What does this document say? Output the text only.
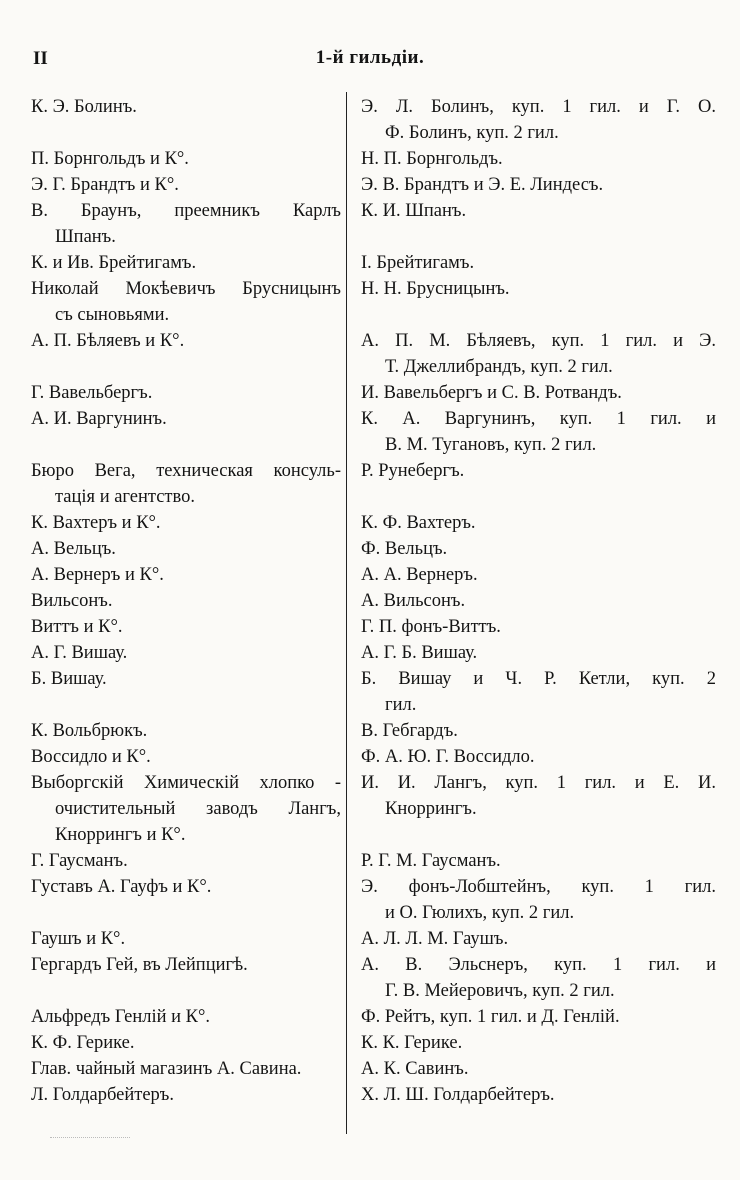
II	1-й гильдіи.
К. Э. Болинъ.
П. Борнгольдъ и К°.
Э. Г. Брандтъ и К°.
В. Браунъ, преемникъ Карлъ
Шпанъ.
К. и Ив. Брейтигамъ.
Николай Мокѣевичъ Брусницынъ
съ сыновьями.
А. П. Бѣляевъ и К°.
Г. Вавельбергъ.
А. И. Варгунинъ.
Бюро Вега, техническая консуль-
тація и агентство.
К. Вахтеръ и К°.
А. Вельцъ.
А. Вернеръ и К°.
Вильсонъ.
Виттъ и К°.
А. Г. Вишау.
Б. Вишау.
К. Вольбрюкъ.
Воссидло и К°.
Выборгскій Химическій хлопко -
очистительный заводъ Лангъ,
Кноррингъ и К°.
Г. Гаусманъ.
Густавъ А. Гауфъ и К°.
Гаушъ и К°.
Гергардъ Гей, въ Лейпцигѣ.
Альфредъ Генлій и К°.
К. Ф. Герике.
Глав. чайный магазинъ А. Савина.
Л. Голдарбейтеръ.
Э. Л. Болинъ, куп. 1 гил. и Г. О.
Ф. Болинъ, куп. 2 гил.
Н. П. Борнгольдъ.
Э. В. Брандтъ и Э. Е. Линдесъ.
К. И. Шпанъ.
I. Брейтигамъ.
Н. Н. Брусницынъ.
А. П. М. Бѣляевъ, куп. 1 гил. и Э.
Т. Джеллибрандъ, куп. 2 гил.
И. Вавельбергъ и С. В. Ротвандъ.
К. А. Варгунинъ, куп. 1 гил. и
В. М. Тугановъ, куп. 2 гил.
Р. Рунебергъ.
К. Ф. Вахтеръ.
Ф. Вельцъ.
А. А. Вернеръ.
А. Вильсонъ.
Г. П. фонъ-Виттъ.
А. Г. Б. Вишау.
Б. Вишау и Ч. Р. Кетли, куп. 2
гил.
В. Гебгардъ.
Ф. А. Ю. Г. Воссидло.
И. И. Лангъ, куп. 1 гил. и Е. И.
Кноррингъ.
Р. Г. М. Гаусманъ.
Э. фонъ-Лобштейнъ, куп. 1 гил.
и О. Гюлихъ, куп. 2 гил.
А. Л. Л. М. Гаушъ.
А. В. Эльснеръ, куп. 1 гил. и
Г. В. Мейеровичъ, куп. 2 гил.
Ф. Рейтъ, куп. 1 гил. и Д. Генлій.
К. К. Герике.
А. К. Савинъ.
Х. Л. Ш. Голдарбейтеръ.
